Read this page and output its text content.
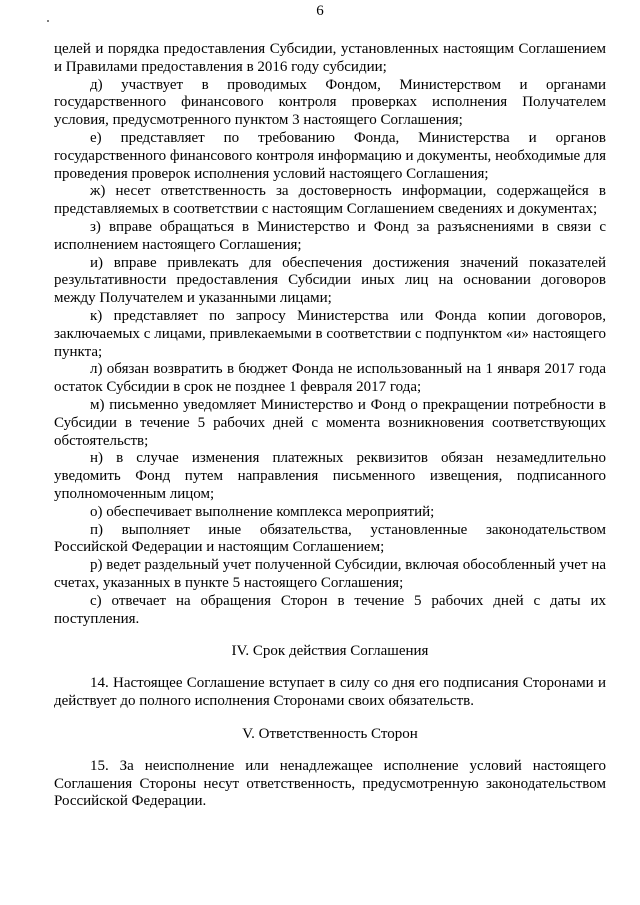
6

целей и порядка предоставления Субсидии, установленных настоящим Соглашением и Правилами предоставления в 2016 году субсидии;

д) участвует в проводимых Фондом, Министерством и органами государственного финансового контроля проверках исполнения Получателем условия, предусмотренного пунктом 3 настоящего Соглашения;

е) представляет по требованию Фонда, Министерства и органов государственного финансового контроля информацию и документы, необходимые для проведения проверок исполнения условий настоящего Соглашения;

ж) несет ответственность за достоверность информации, содержащейся в представляемых в соответствии с настоящим Соглашением сведениях и документах;

з) вправе обращаться в Министерство и Фонд за разъяснениями в связи с исполнением настоящего Соглашения;

и) вправе привлекать для обеспечения достижения значений показателей результативности предоставления Субсидии иных лиц на основании договоров между Получателем и указанными лицами;

к) представляет по запросу Министерства или Фонда копии договоров, заключаемых с лицами, привлекаемыми в соответствии с подпунктом «и» настоящего пункта;

л) обязан возвратить в бюджет Фонда не использованный на 1 января 2017 года остаток Субсидии в срок не позднее 1 февраля 2017 года;

м) письменно уведомляет Министерство и Фонд о прекращении потребности в Субсидии в течение 5 рабочих дней с момента возникновения соответствующих обстоятельств;

н) в случае изменения платежных реквизитов обязан незамедлительно уведомить Фонд путем направления письменного извещения, подписанного уполномоченным лицом;

о) обеспечивает выполнение комплекса мероприятий;

п) выполняет иные обязательства, установленные законодательством Российской Федерации и настоящим Соглашением;

р) ведет раздельный учет полученной Субсидии, включая обособленный учет на счетах, указанных в пункте 5 настоящего Соглашения;

с) отвечает на обращения Сторон в течение 5 рабочих дней с даты их поступления.

IV. Срок действия Соглашения

14. Настоящее Соглашение вступает в силу со дня его подписания Сторонами и действует до полного исполнения Сторонами своих обязательств.

V. Ответственность Сторон

15. За неисполнение или ненадлежащее исполнение условий настоящего Соглашения Стороны несут ответственность, предусмотренную законодательством Российской Федерации.
